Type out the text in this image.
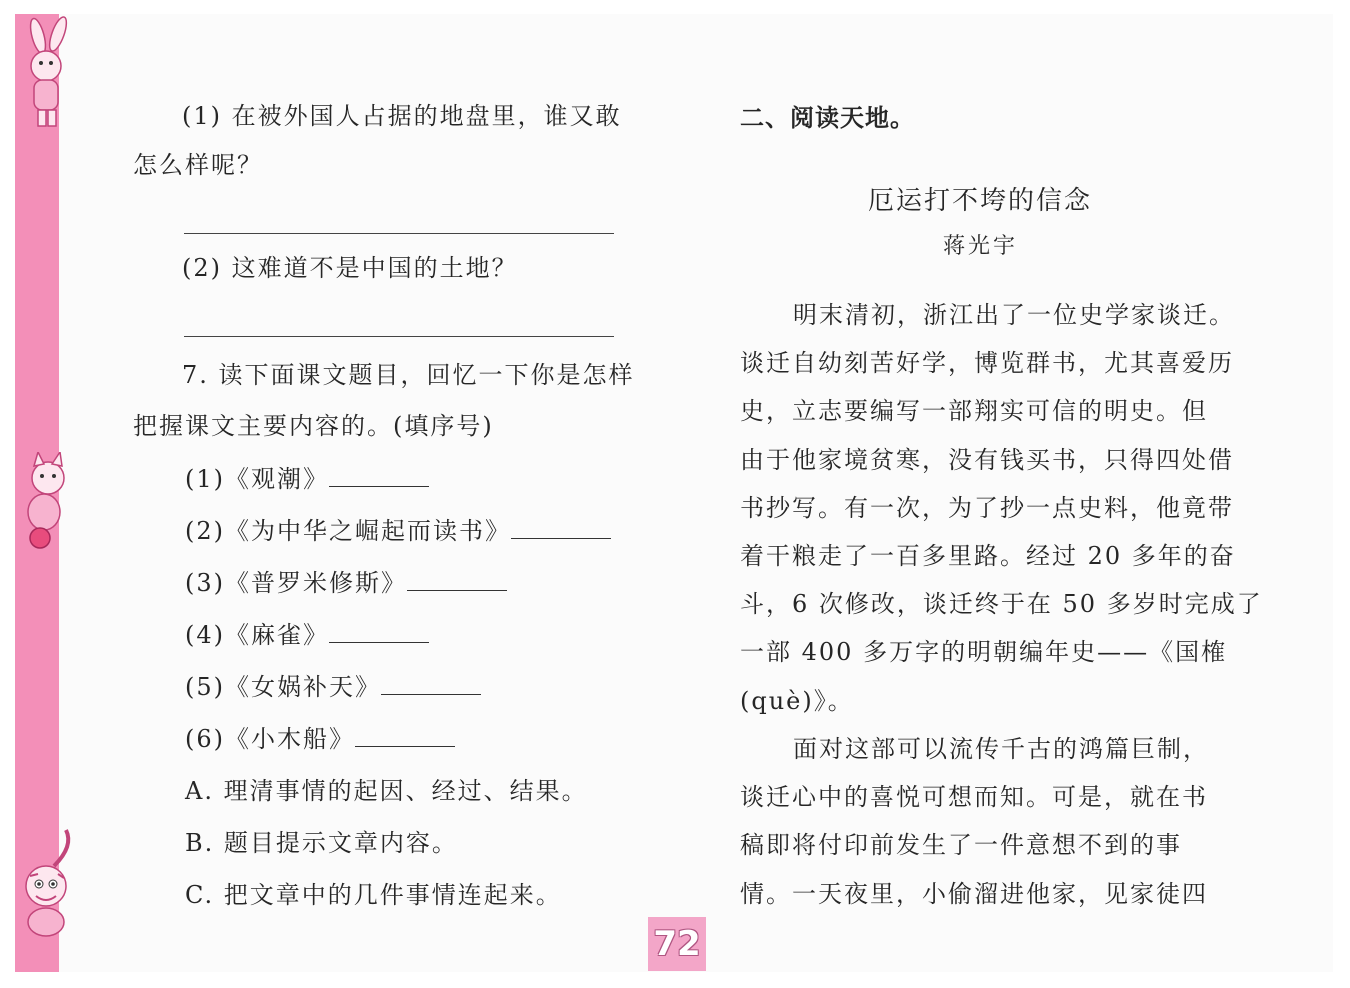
(1) 在被外国人占据的地盘里，谁又敢
怎么样呢？
(2) 这难道不是中国的土地？
7. 读下面课文题目，回忆一下你是怎样
把握课文主要内容的。(填序号)
(1)《观潮》
(2)《为中华之崛起而读书》
(3)《普罗米修斯》
(4)《麻雀》
(5)《女娲补天》
(6)《小木船》
A. 理清事情的起因、经过、结果。
B. 题目提示文章内容。
C. 把文章中的几件事情连起来。
二、阅读天地。
厄运打不垮的信念
蒋光宇
明末清初，浙江出了一位史学家谈迁。
谈迁自幼刻苦好学，博览群书，尤其喜爱历
史，立志要编写一部翔实可信的明史。但
由于他家境贫寒，没有钱买书，只得四处借
书抄写。有一次，为了抄一点史料，他竟带
着干粮走了一百多里路。经过 20 多年的奋
斗，6 次修改，谈迁终于在 50 多岁时完成了
一部 400 多万字的明朝编年史——《国榷
(què)》。
面对这部可以流传千古的鸿篇巨制，
谈迁心中的喜悦可想而知。可是，就在书
稿即将付印前发生了一件意想不到的事
情。一天夜里，小偷溜进他家，见家徒四
72
